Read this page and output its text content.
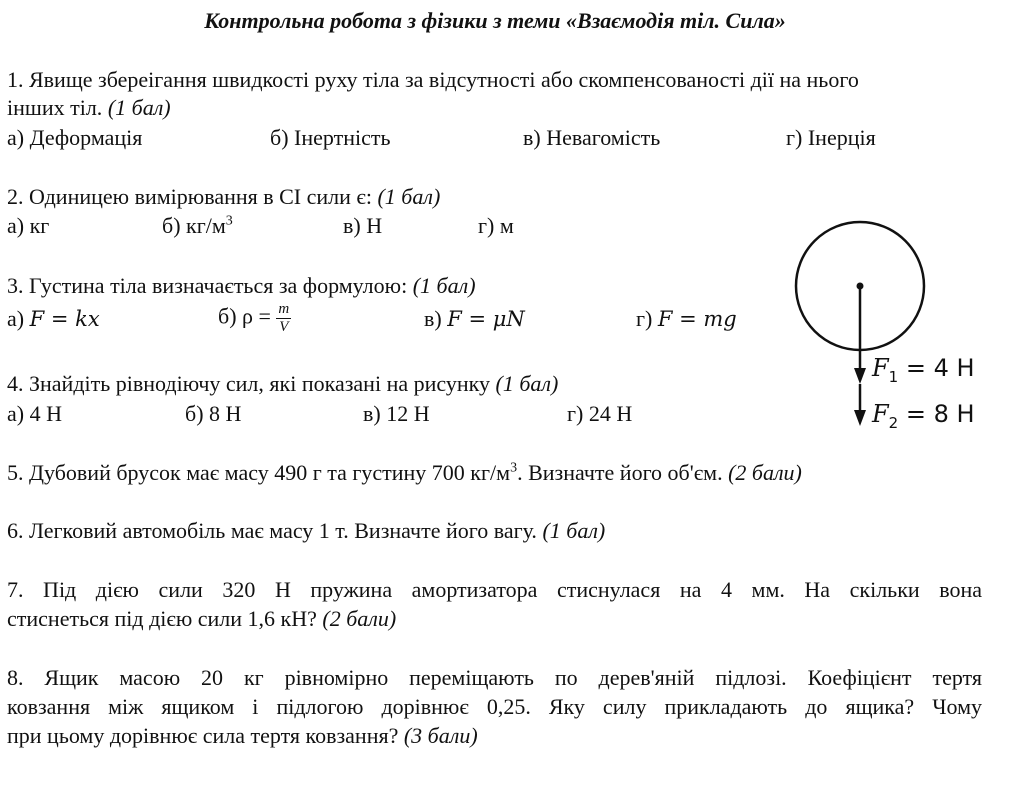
Контрольна робота з фізики з теми «Взаємодія тіл. Сила»
1. Явище збереігання швидкості руху тіла за відсутності або скомпенсованості дії на нього
інших тіл. (1 бал)
а) Деформація	б) Інертність	в) Невагомість	г) Інерція
2. Одиницею вимірювання в СІ сили є: (1 бал)
а) кг	б) $кг/м^3$	в) Н	г) м
3. Густина тіла визначається за формулою: (1 бал)
а) F = kx	б) $\rho = \frac{m}{V}$	в) F = μN	г) F = mg
4. Знайдіть рівнодіючу сил, які показані на рисунку (1 бал)
а) 4 Н	б) 8 Н	в) 12 Н	г) 24 Н
$F_1 = 4$ Н
$F_2 = 8$ Н
5. Дубовий брусок має масу 490 г та густину 700 $кг/м^3$. Визначте його об'єм. (2 бали)
6. Легковий автомобіль має масу 1 т. Визначте його вагу. (1 бал)
7. Під дією сили 320 Н пружина амортизатора стиснулася на 4 мм. На скільки вона
стиснеться під дією сили 1,6 кН? (2 бали)
8. Ящик масою 20 кг рівномірно переміщають по дерев'яній підлозі. Коефіцієнт тертя
ковзання між ящиком і підлогою дорівнює 0,25. Яку силу прикладають до ящика? Чому
при цьому дорівнює сила тертя ковзання? (3 бали)
